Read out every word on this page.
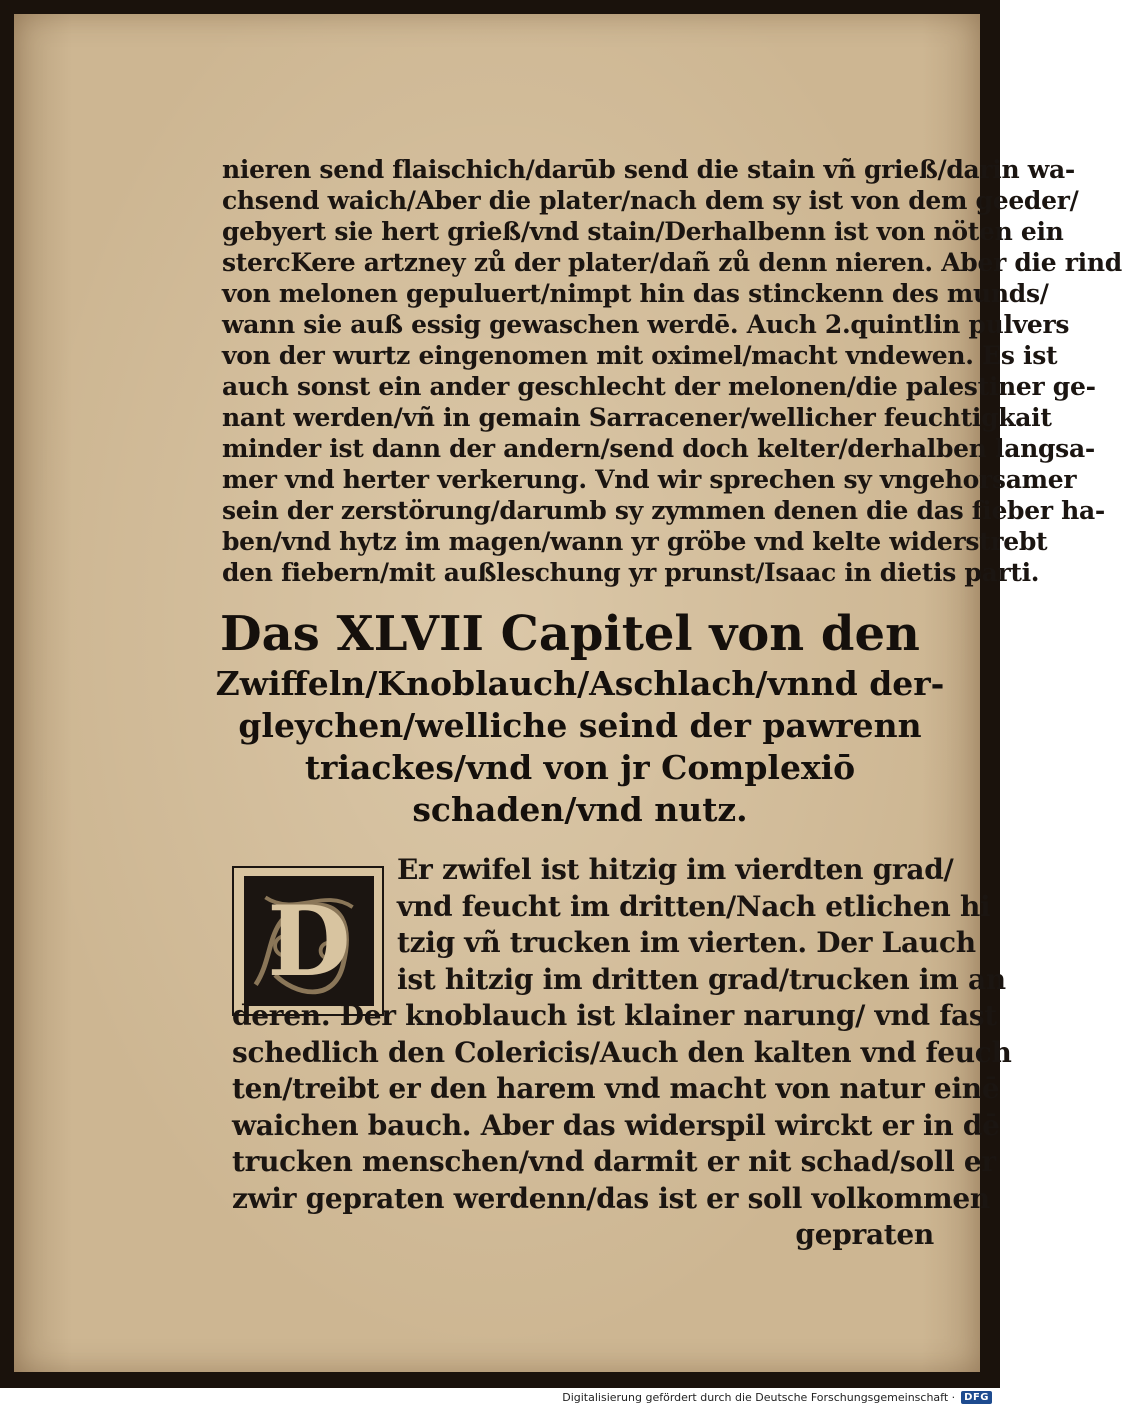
nieren send flaischich/darūb send die stain vñ grieß/darin wa-
chsend waich/Aber die plater/nach dem sy ist von dem geeder/
gebyert sie hert grieß/vnd stain/Derhalbenn ist von nöten ein
stercKere artzney zů der plater/dañ zů denn nieren. Aber die rind
von melonen gepuluert/nimpt hin das stinckenn des munds/
wann sie auß essig gewaschen werdē. Auch 2.quintlin pulvers
von der wurtz eingenomen mit oximel/macht vndewen. Es ist
auch sonst ein ander geschlecht der melonen/die palestiner ge-
nant werden/vñ in gemain Sarracener/wellicher feuchtigkait
minder ist dann der andern/send doch kelter/derhalben langsa-
mer vnd herter verkerung. Vnd wir sprechen sy vngehorsamer
sein der zerstörung/darumb sy zymmen denen die das fieber ha-
ben/vnd hytz im magen/wann yr gröbe vnd kelte widerstrebt
den fiebern/mit außleschung yr prunst/Isaac in dietis parti.
Das XLVII Capitel von den
Zwiffeln/Knoblauch/Aschlach/vnnd der-
gleychen/welliche seind der pawrenn
triackes/vnd von jr Complexiō
schaden/vnd nutz.
D
Er zwifel ist hitzig im vierdten grad/
vnd feucht im dritten/Nach etlichen hi
tzig vñ trucken im vierten. Der Lauch
ist hitzig im dritten grad/trucken im an
deren. Der knoblauch ist klainer narung/ vnd fast
schedlich den Colericis/Auch den kalten vnd feuch
ten/treibt er den harem vnd macht von natur einē
waichen bauch. Aber das widerspil wirckt er in dē
trucken menschen/vnd darmit er nit schad/soll er
zwir gepraten werdenn/das ist er soll volkommen
gepraten
Digitalisierung gefördert durch die Deutsche Forschungsgemeinschaft · DFG
